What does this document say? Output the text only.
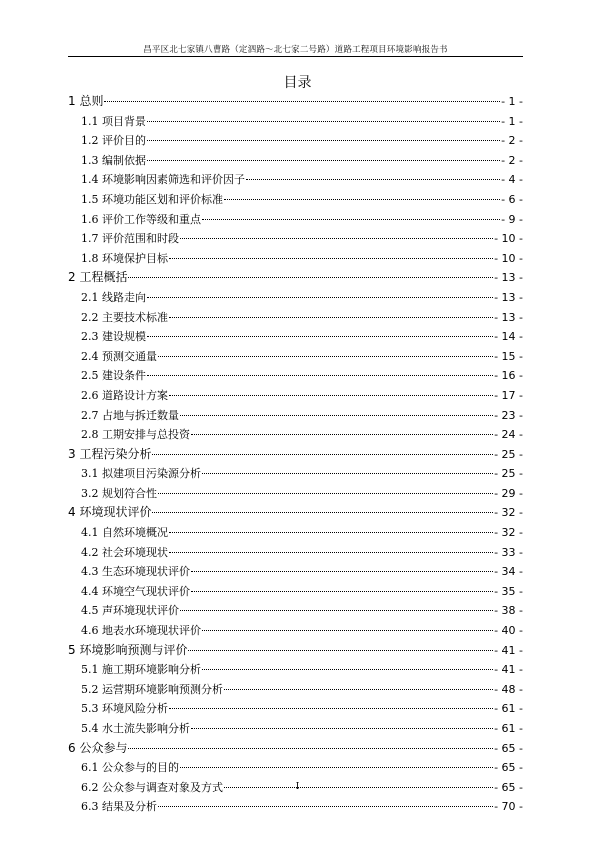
昌平区北七家镇八曹路（定泗路～北七家二号路）道路工程项目环境影响报告书
目录
1 总则	- 1 -
1.1 项目背景	- 1 -
1.2 评价目的	- 2 -
1.3 编制依据	- 2 -
1.4 环境影响因素筛选和评价因子	- 4 -
1.5 环境功能区划和评价标准	- 6 -
1.6 评价工作等级和重点	- 9 -
1.7 评价范围和时段	- 10 -
1.8 环境保护目标	- 10 -
2 工程概括	- 13 -
2.1 线路走向	- 13 -
2.2 主要技术标准	- 13 -
2.3 建设规模	- 14 -
2.4 预测交通量	- 15 -
2.5 建设条件	- 16 -
2.6 道路设计方案	- 17 -
2.7 占地与拆迁数量	- 23 -
2.8 工期安排与总投资	- 24 -
3 工程污染分析	- 25 -
3.1 拟建项目污染源分析	- 25 -
3.2 规划符合性	- 29 -
4 环境现状评价	- 32 -
4.1 自然环境概况	- 32 -
4.2 社会环境现状	- 33 -
4.3 生态环境现状评价	- 34 -
4.4 环境空气现状评价	- 35 -
4.5 声环境现状评价	- 38 -
4.6 地表水环境现状评价	- 40 -
5 环境影响预测与评价	- 41 -
5.1 施工期环境影响分析	- 41 -
5.2 运营期环境影响预测分析	- 48 -
5.3 环境风险分析	- 61 -
5.4 水土流失影响分析	- 61 -
6 公众参与	- 65 -
6.1 公众参与的目的	- 65 -
6.2 公众参与调查对象及方式	- 65 -
6.3 结果及分析	- 70 -
I
